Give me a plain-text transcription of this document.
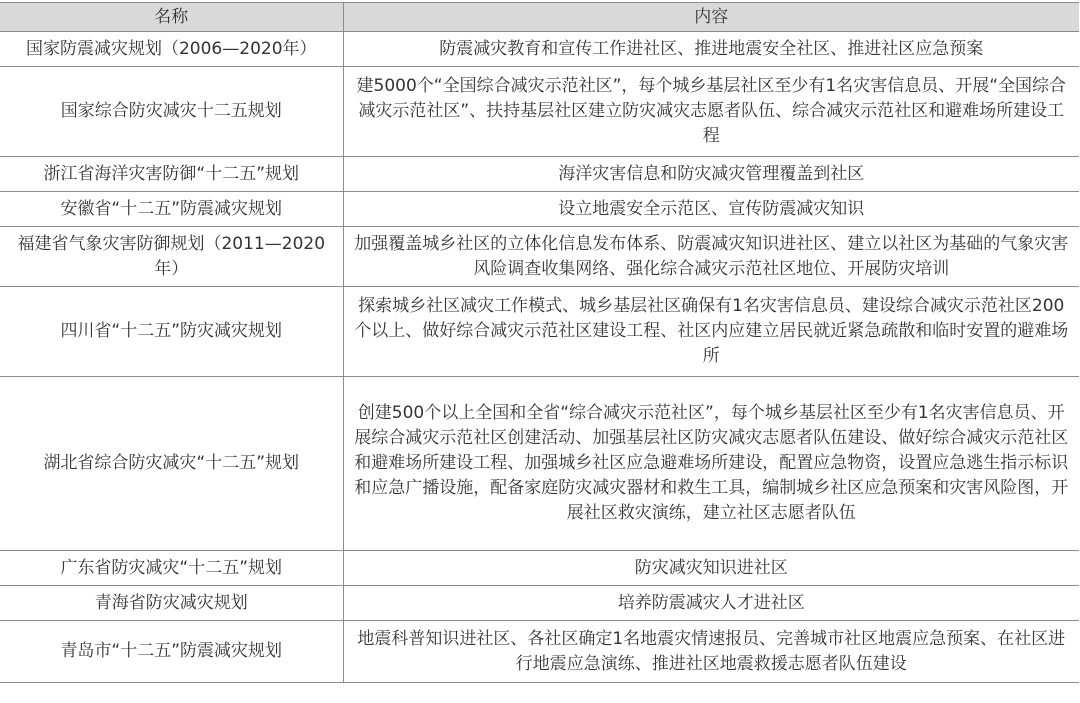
名称	内容
国家防震减灾规划（2006—2020年）	防震减灾教育和宣传工作进社区、推进地震安全社区、推进社区应急预案
国家综合防灾减灾十二五规划	建5000个“全国综合减灾示范社区”，每个城乡基层社区至少有1名灾害信息员、开展“全国综合减灾示范社区”、扶持基层社区建立防灾减灾志愿者队伍、综合减灾示范社区和避难场所建设工程
浙江省海洋灾害防御“十二五”规划	海洋灾害信息和防灾减灾管理覆盖到社区
安徽省“十二五”防震减灾规划	设立地震安全示范区、宣传防震减灾知识
福建省气象灾害防御规划（2011—2020年）	加强覆盖城乡社区的立体化信息发布体系、防震减灾知识进社区、建立以社区为基础的气象灾害风险调查收集网络、强化综合减灾示范社区地位、开展防灾培训
四川省“十二五”防灾减灾规划	探索城乡社区减灾工作模式、城乡基层社区确保有1名灾害信息员、建设综合减灾示范社区200个以上、做好综合减灾示范社区建设工程、社区内应建立居民就近紧急疏散和临时安置的避难场所
湖北省综合防灾减灾“十二五”规划	创建500个以上全国和全省“综合减灾示范社区”，每个城乡基层社区至少有1名灾害信息员、开展综合减灾示范社区创建活动、加强基层社区防灾减灾志愿者队伍建设、做好综合减灾示范社区和避难场所建设工程、加强城乡社区应急避难场所建设，配置应急物资，设置应急逃生指示标识和应急广播设施，配备家庭防灾减灾器材和救生工具，编制城乡社区应急预案和灾害风险图，开展社区救灾演练，建立社区志愿者队伍
广东省防灾减灾“十二五”规划	防灾减灾知识进社区
青海省防灾减灾规划	培养防震减灾人才进社区
青岛市“十二五”防震减灾规划	地震科普知识进社区、各社区确定1名地震灾情速报员、完善城市社区地震应急预案、在社区进行地震应急演练、推进社区地震救援志愿者队伍建设
